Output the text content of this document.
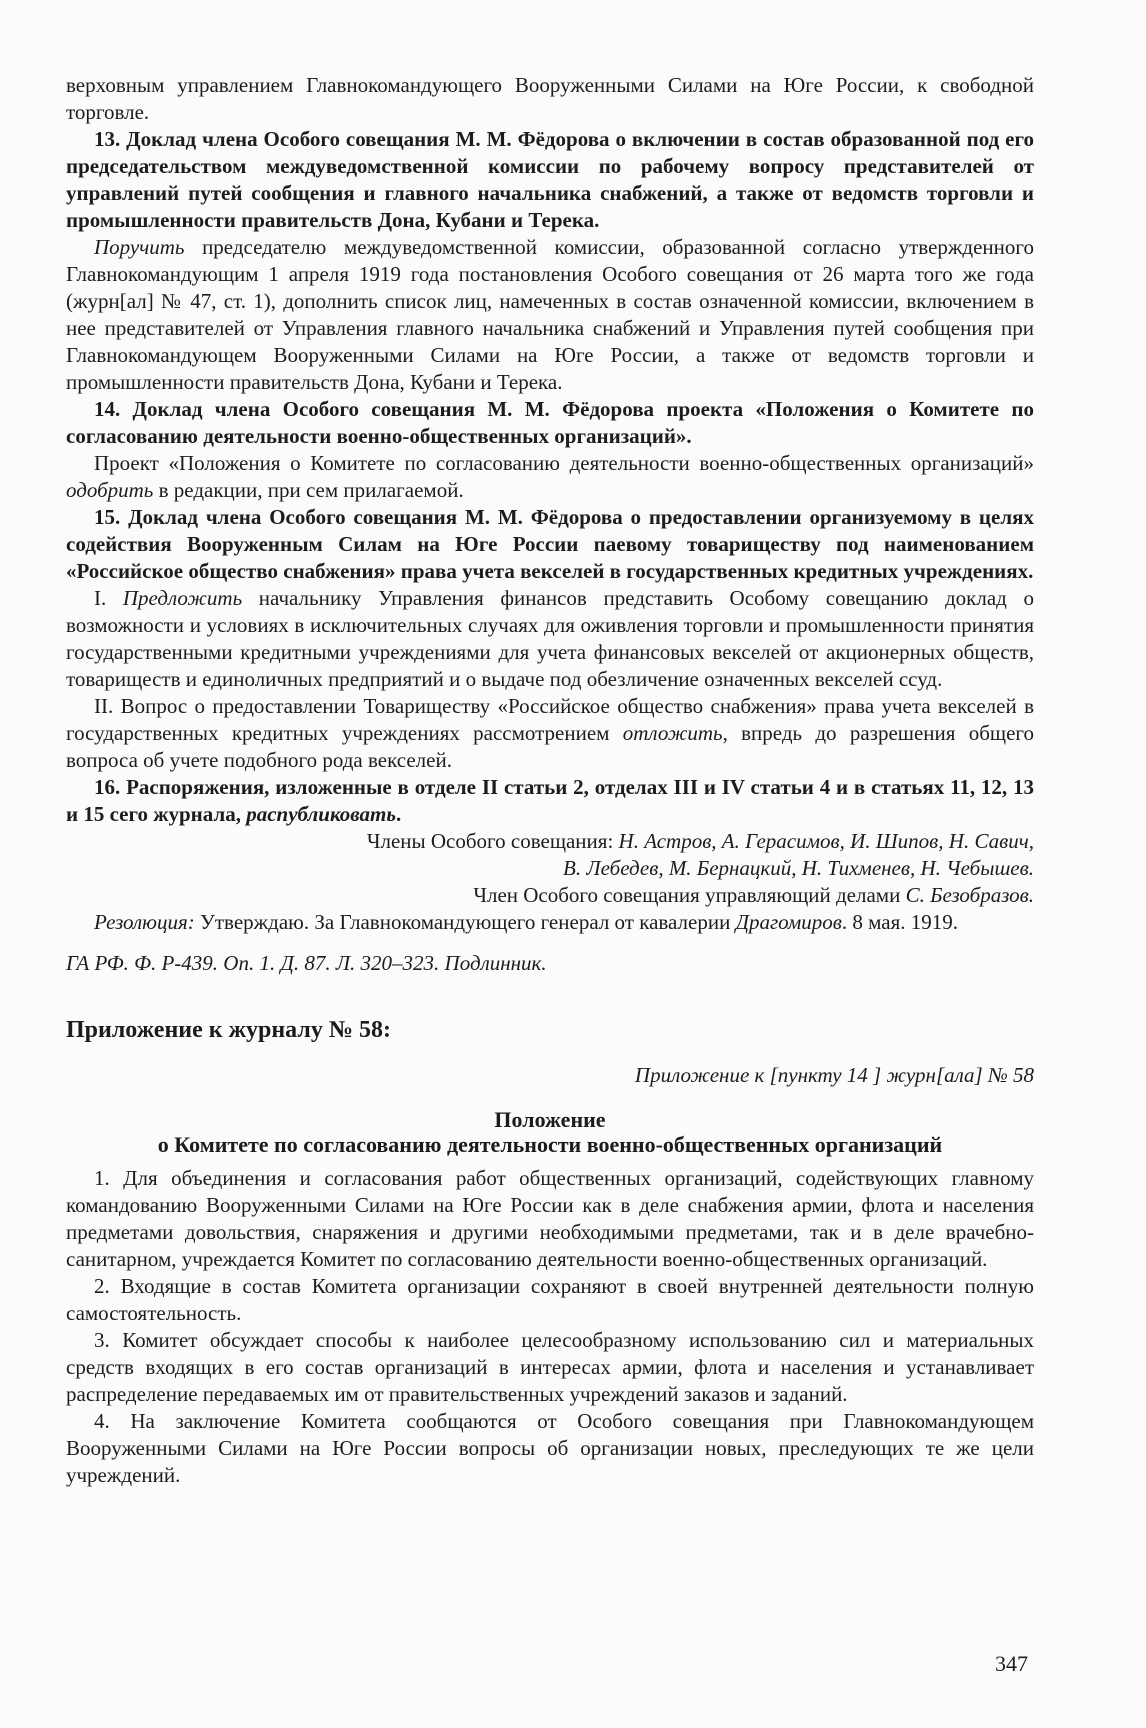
верховным управлением Главнокомандующего Вооруженными Силами на Юге России, к свободной торговле.

13. Доклад члена Особого совещания М. М. Фёдорова о включении в состав образованной под его председательством междуведомственной комиссии по рабочему вопросу представителей от управлений путей сообщения и главного начальника снабжений, а также от ведомств торговли и промышленности правительств Дона, Кубани и Терека.

Поручить председателю междуведомственной комиссии, образованной согласно утвержденного Главнокомандующим 1 апреля 1919 года постановления Особого совещания от 26 марта того же года (журн[ал] № 47, ст. 1), дополнить список лиц, намеченных в состав означенной комиссии, включением в нее представителей от Управления главного начальника снабжений и Управления путей сообщения при Главнокомандующем Вооруженными Силами на Юге России, а также от ведомств торговли и промышленности правительств Дона, Кубани и Терека.

14. Доклад члена Особого совещания М. М. Фёдорова проекта «Положения о Комитете по согласованию деятельности военно-общественных организаций».

Проект «Положения о Комитете по согласованию деятельности военно-общественных организаций» одобрить в редакции, при сем прилагаемой.

15. Доклад члена Особого совещания М. М. Фёдорова о предоставлении организуемому в целях содействия Вооруженным Силам на Юге России паевому товариществу под наименованием «Российское общество снабжения» права учета векселей в государственных кредитных учреждениях.

I. Предложить начальнику Управления финансов представить Особому совещанию доклад о возможности и условиях в исключительных случаях для оживления торговли и промышленности принятия государственными кредитными учреждениями для учета финансовых векселей от акционерных обществ, товариществ и единоличных предприятий и о выдаче под обезличение означенных векселей ссуд.

II. Вопрос о предоставлении Товариществу «Российское общество снабжения» права учета векселей в государственных кредитных учреждениях рассмотрением отложить, впредь до разрешения общего вопроса об учете подобного рода векселей.

16. Распоряжения, изложенные в отделе II статьи 2, отделах III и IV статьи 4 и в статьях 11, 12, 13 и 15 сего журнала, распубликовать.

Члены Особого совещания: Н. Астров, А. Герасимов, И. Шипов, Н. Савич,

В. Лебедев, М. Бернацкий, Н. Тихменев, Н. Чебышев.

Член Особого совещания управляющий делами С. Безобразов.

Резолюция: Утверждаю. За Главнокомандующего генерал от кавалерии Драгомиров. 8 мая. 1919.

ГА РФ. Ф. Р-439. Оп. 1. Д. 87. Л. 320–323. Подлинник.

Приложение к журналу № 58:

Приложение к [пункту 14 ] журн[ала] № 58

Положение

о Комитете по согласованию деятельности военно-общественных организаций

1. Для объединения и согласования работ общественных организаций, содействующих главному командованию Вооруженными Силами на Юге России как в деле снабжения армии, флота и населения предметами довольствия, снаряжения и другими необходимыми предметами, так и в деле врачебно-санитарном, учреждается Комитет по согласованию деятельности военно-общественных организаций.

2. Входящие в состав Комитета организации сохраняют в своей внутренней деятельности полную самостоятельность.

3. Комитет обсуждает способы к наиболее целесообразному использованию сил и материальных средств входящих в его состав организаций в интересах армии, флота и населения и устанавливает распределение передаваемых им от правительственных учреждений заказов и заданий.

4. На заключение Комитета сообщаются от Особого совещания при Главнокомандующем Вооруженными Силами на Юге России вопросы об организации новых, преследующих те же цели учреждений.

347
